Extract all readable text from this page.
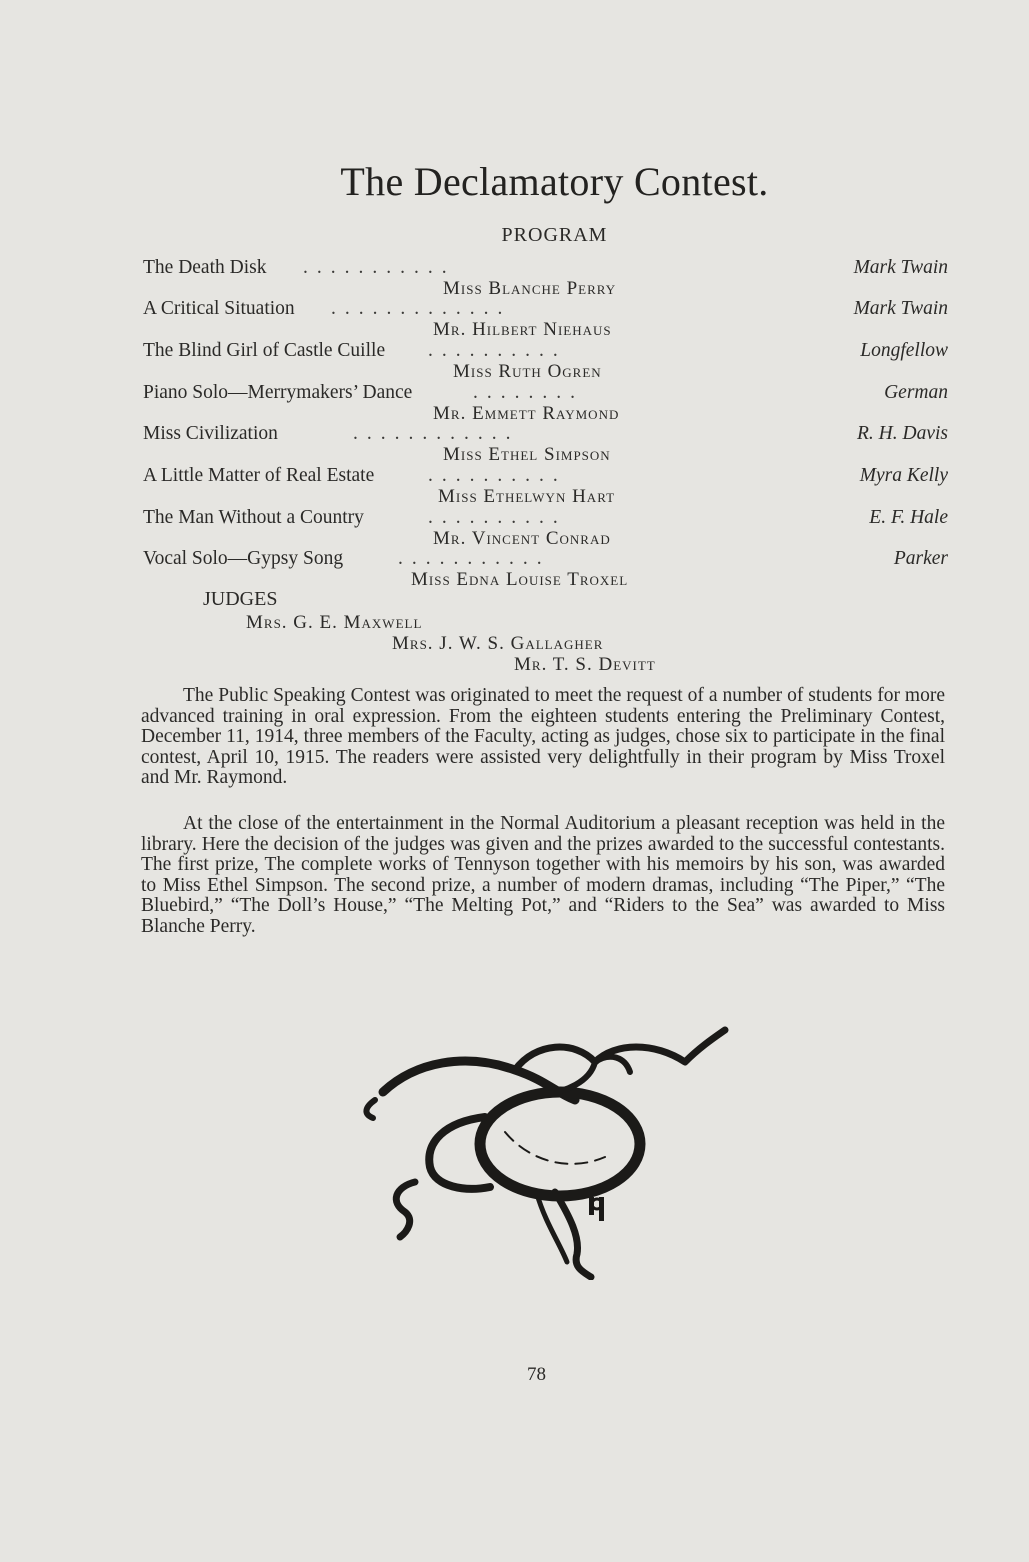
The Declamatory Contest.
PROGRAM
The Death Disk ...........	Mark Twain
Miss Blanche Perry
A Critical Situation .............	Mark Twain
Mr. Hilbert Niehaus
The Blind Girl of Castle Cuille ..........	Longfellow
Miss Ruth Ogren
Piano Solo—Merrymakers’ Dance	........	German
Mr. Emmett Raymond
Miss Civilization	............	R. H. Davis
Miss Ethel Simpson
A Little Matter of Real Estate	..........	Myra Kelly
Miss Ethelwyn Hart
The Man Without a Country	..........	E. F. Hale
Mr. Vincent Conrad
Vocal Solo—Gypsy Song	...........	Parker
Miss Edna Louise Troxel
JUDGES
Mrs. G. E. Maxwell
Mrs. J. W. S. Gallagher
Mr. T. S. Devitt

The Public Speaking Contest was originated to meet the request of a number of students for more advanced training in oral expression. From the eighteen students entering the Preliminary Contest, December 11, 1914, three members of the Faculty, acting as judges, chose six to participate in the final contest, April 10, 1915. The readers were assisted very delightfully in their program by Miss Troxel and Mr. Raymond.

At the close of the entertainment in the Normal Auditorium a pleasant reception was held in the library. Here the decision of the judges was given and the prizes awarded to the successful contestants. The first prize, The complete works of Tennyson together with his memoirs by his son, was awarded to Miss Ethel Simpson. The second prize, a number of modern dramas, including “The Piper,” “The Bluebird,” “The Doll’s House,” “The Melting Pot,” and “Riders to the Sea” was awarded to Miss Blanche Perry.

78
